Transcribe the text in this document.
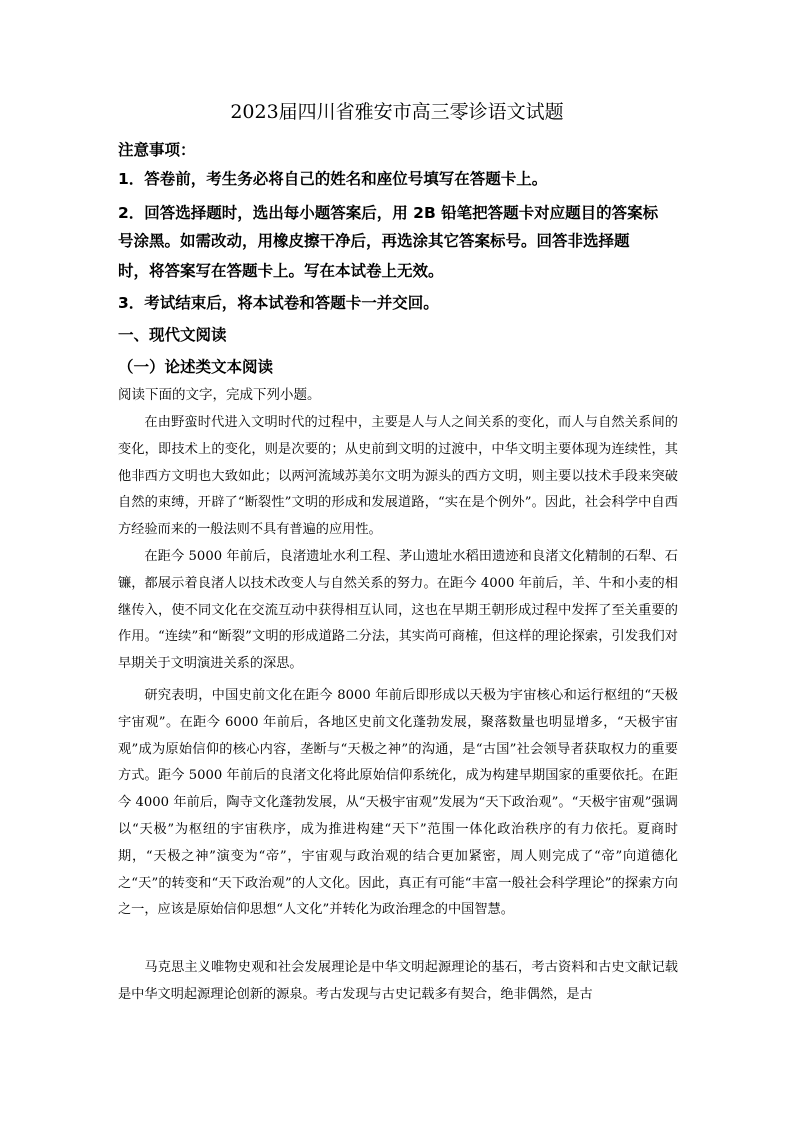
2023届四川省雅安市高三零诊语文试题
注意事项：
1．答卷前，考生务必将自己的姓名和座位号填写在答题卡上。
2．回答选择题时，选出每小题答案后，用 2B 铅笔把答题卡对应题目的答案标
号涂黑。如需改动，用橡皮擦干净后，再选涂其它答案标号。回答非选择题
时，将答案写在答题卡上。写在本试卷上无效。
3．考试结束后，将本试卷和答题卡一并交回。
一、现代文阅读
（一）论述类文本阅读
阅读下面的文字，完成下列小题。

在由野蛮时代进入文明时代的过程中，主要是人与人之间关系的变化，而人与自然关系间的变化，即技术上的变化，则是次要的；从史前到文明的过渡中，中华文明主要体现为连续性，其他非西方文明也大致如此；以两河流域苏美尔文明为源头的西方文明，则主要以技术手段来突破自然的束缚，开辟了“断裂性”文明的形成和发展道路，“实在是个例外”。因此，社会科学中自西方经验而来的一般法则不具有普遍的应用性。

在距今 5000 年前后，良渚遗址水利工程、茅山遗址水稻田遗迹和良渚文化精制的石犁、石镰，都展示着良渚人以技术改变人与自然关系的努力。在距今 4000 年前后，羊、牛和小麦的相继传入，使不同文化在交流互动中获得相互认同，这也在早期王朝形成过程中发挥了至关重要的作用。“连续”和“断裂”文明的形成道路二分法，其实尚可商榷，但这样的理论探索，引发我们对早期关于文明演进关系的深思。

研究表明，中国史前文化在距今 8000 年前后即形成以天极为宇宙核心和运行枢纽的“天极宇宙观”。在距今 6000 年前后，各地区史前文化蓬勃发展，聚落数量也明显增多，“天极宇宙观”成为原始信仰的核心内容，垄断与“天极之神”的沟通，是“古国”社会领导者获取权力的重要方式。距今 5000 年前后的良渚文化将此原始信仰系统化，成为构建早期国家的重要依托。在距今 4000 年前后，陶寺文化蓬勃发展，从“天极宇宙观”发展为“天下政治观”。“天极宇宙观”强调以“天极”为枢纽的宇宙秩序，成为推进构建“天下”范围一体化政治秩序的有力依托。夏商时期，“天极之神”演变为“帝”，宇宙观与政治观的结合更加紧密，周人则完成了“帝”向道德化之“天”的转变和“天下政治观”的人文化。因此，真正有可能“丰富一般社会科学理论”的探索方向之一，应该是原始信仰思想“人文化”并转化为政治理念的中国智慧。

马克思主义唯物史观和社会发展理论是中华文明起源理论的基石，考古资料和古史文献记载是中华文明起源理论创新的源泉。考古发现与古史记载多有契合，绝非偶然，是古
